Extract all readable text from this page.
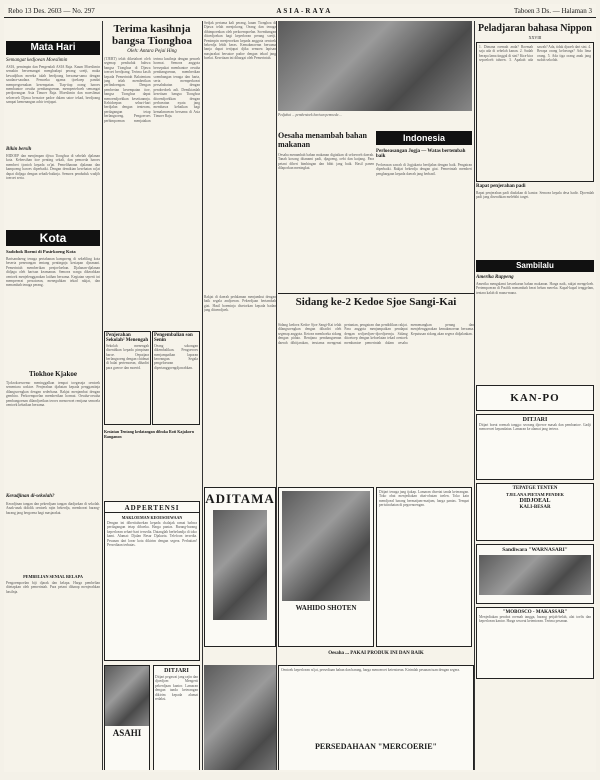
Rebo 13 Des. 2603 — No. 297	ASIA-RAYA	Taboen 3 Ds. — Halaman 3
Mata Hari

Semangat kedjoean Moeslimin

ASIA, pemimpin dan Pengendali ASIA Raja. Kaum Moeslimin semakin bersemangat menghadapi perang soetji, maka kewadjiban mereka ialah berdjoang bersama-sama dengan saudara-saudara. Pemoeka agama tjoekoep pandai mempergoenakan kesempatan. Tiap-tiap orang haroes membantoe oesaha pembangoenan, memperteboeh semangat perdjoeangan Asia Timoer Raja. Moeslimin dan moeslimat seloeroeh Djawa bersatoe padoe dalam satoe tekad, berdjoang sampai kemenangan achir tertjapai.

Bikin bersih

HIDOEP dan menjimpan djiwa Tionghoa di sebelah djalanan kota. Kebersihan itoe penting sekali, dan pemoeda haroes memberi tjontoh kepada ra'jat. Pemeliharaan djalanan dan kampoeng haroes diperbaiki. Dengan demikian kesehatan ra'jat dapat didjaga dengan sebaik-baiknja. Semoea penduduk wadjib toeroet serta.

Kota

Sadobok Boemi di Pasirkoeng Kota

Barisandaeng tenaga pertahanan kampoeng di sekeliling kota beserta penerangan tentang pentingnja kesiapan djasmani. Pemerintah memberikan penjoeloehan. Djalanan-djalanan didjaga oleh barisan keamanan. Semoea warga dikerahkan oentoek menjelenggarakan latihan bersama. Kegiatan seperti ini mempererat persatoean, meneguhkan tekad rakjat, dan menambah tenaga perang.

Tiokhoe Kjakoe

Tjokrokoesoemo meninggalkan tempat toegasnja oentoek sementara waktoe. Penjerahan djabatan kepada penggantinja dilangsoengkan dengan sederhana. Rakjat menjambut dengan gembira. Perkoempoelan memberikan hormat. Oesaha-oesaha pembangoenan dilandjoetkan teroes menoeroet rentjana semoela oentoek kebaikan bersama.

Keradjinan di-sekolah?

Keradjinan tangan dan pekerdjaan tangan diadjarkan di sekolah. Anak-anak dididik oentoek rajin bekerdja, memboeat barang-barang jang bergoena bagi masjarakat.

PEMBELIAN SENIAL RELAPA

Pengoempoelan biji djarak dan kelapa. Harga pembelian ditetapkan oleh pemerintah. Para petani diharap menjerahkan hasilnja.

Terima kasihnja bangsa Tionghoa

Oleh: Antara Pejai Hing

(TJERT) telah diketahoei oleh segenap penduduk bahwa bangsa Tionghoa di Djawa toeroet berdjoang. Terima kasih kepada Pemerintah Balatentara jang telah memberikan perlindoengan. Dengan pemberian kesempatan itoe, bangsa Tionghoa dapat menoendjoekkan kesetiaannja. Kehidoepan sehari-hari berdjalan dengan tenteram, perdagangan tetap berlangsoeng. Pengoeroes perhimpoenan menjatakan terima kasihnja dengan penoeh hormat. Semoea anggota bersepakat membantoe oesaha pembangoenan, memberikan soembangan tenaga dan harta, serta memperkoeat persahabatan dengan pendoedoek asli. Demikianlah kesetiaan bangsa Tionghoa ditoendjoekkan dengan perboeatan nyata jang membawa kebaikan bagi kemakmoeran bersama di Asia Timoer Raja.

Penjerahan Sekolah² Menengah

Sekolah menengah diserahkan kepada pimpinan baroe. Oepatjara berlangsoeng dengan chidmat di balai pertemoean, dihadiri para goeroe dan moerid.

Pengembalian son Senin

Oeang sokongan dikembalikan. Pengoeroes menjampaikan laporan keoeangan. Segala pengeloearan dipertanggoengdjawabkan.

Kesiatan Tentang kedatangan dibuka Roti Kajakorn Ranganon

ADPERTENSI

MAKLOEMAN KEOESOEWAAN

Dengan ini diberitahoekan kepada chalajak ramai bahwa perdagangan tetap diboeka. Harga pantas. Barang-barang keperloean sehari-hari tersedia. Datanglah berbelandja di toko kami. Alamat: Djalan Besar Djakarta. Telefoon tersedia. Pesanan dari loear kota dikirim dengan segera. Perhatian! Persediaan terbatas.

ASAHI

DITJARI

Ditjari pegawai jang rajin dan djoedjoer. Mengerti pekerdjaan kantor. Lamaran dengan tanda keterangan dikirim kepada alamat redaksi.

Sedjak pertama kali perang, kaum Tionghoa di Djawa telah menjokong. Oeang dan tenaga dihimpoenkan oleh perkoempoelan. Soembangan ditoedjoekan bagi keperloean perang soetji. Pemimpin menjeroekan kepada anggota oentoek bekerdja lebih keras. Kemakmoeran bersama hanja dapat tertjapai djika semoea lapisan masjarakat bersatoe padoe dengan tekad jang boelat. Kesetiaan ini dihargai oleh Pemerintah.

Pedjabat ... pembentoek barisan pemoeda ...

Oesaha menambah bahan makanan

Oesaha menambah bahan makanan digiatkan di seloeroeh daerah. Tanah kosong ditanami padi, djagoeng, oebi dan katjang. Para petani diberi bimbingan dan bibit jang baik. Hasil panen dilaporkan meningkat.

Indonesia

Perloeasangan Jogja — Watas bertembah baik

Perloeasan sawah di Jogjakarta berdjalan dengan baik. Pengairan diperbaiki. Rakjat bekerdja dengan giat. Pemerintah memberi penghargaan kepada daerah jang berhasil.

Sidang ke-2 Kedoe Sjoe Sangi-Kai

Sidang kedoea Kedoe Sjoe Sangi-Kai telah dilangsoengkan dengan dihadiri oleh segenap anggota. Ketoea memboeka sidang dengan pidato. Rentjana pembangoenan daerah dibitjarakan, terutama mengenai pertanian, pengairan dan pendidikan rakjat. Para anggota menjampaikan pendapat dengan sedjoedjoer-djoedjoernja. Sidang ditoetoep dengan keboelatan tekad oentoek membantoe pemerintah dalam oesaha memenangkan perang dan menjelenggarakan kemakmoeran bersama. Keputusan sidang akan segera didjalankan.

Rakjat di daerah pedalaman menjambut dengan baik segala andjoeran. Pekerdjaan bertambah giat. Hasil boeminja disetorkan kepada badan jang ditoendjoek.

ADITAMA

WAHIDO SHOTEN

Ditjari tenaga jang tjakap. Lamaran disertai tanda keterangan. Toko obat menjediakan obat-obatan toelen. Toko kain mendjoeal barang bermatjam-matjam, harga pantas. Tempat peristirahatan di pegoenoengan.

Oesaha ... PAKAI PRODUK INI DAN BAIK

Oentoek keperloean ra'jat, persediaan bahan dan barang, harga menoeroet ketentoean. Kirimlah pesanan tuan dengan segera.

PERSEDAHAAN "MERCOERIE"

Peladjaran bahasa Nippon

XXVIII

1. Dimana roemah anda? Roemah saja ada di sebelah kanan. 2. Sudah berapa lama tinggal di sini? Kira-kira sepoeloeh tahoen. 3. Apakah ada sawah? Ada, tidak djaoeh dari sini. 4. Berapa orang keloearga? Ada lima orang. 5. Ada tiga orang anak jang sudah sekolah.

Rapat penjerahan padi

Rapat penjerahan padi diadakan di kantor. Semoea kepala desa hadir. Djoemlah padi jang diserahkan melebihi target.

Sambilalu

Amerika Ruppeng

Amerika mengalami kesoekaran bahan makanan. Harga naik, rakjat mengeloeh. Pertempoeran di Pasifik menambah berat beban mereka. Kapal-kapal tenggelam, tentara kalah di mana-mana.

KAN-PO

DITJARI

Ditjari boeat roemah tangga: seorang djoeroe masak dan pembantoe. Gadji menoeroet kepandaian. Lamaran ke alamat jang tertera.

TEPATGE TENTEN

TJELANA PIETAM PENDEK

DIDJOEAL

KALI-BESAR

Sandiwara "WARNASARI"

"MOBOSCO - MAKASSAR"

Menjediakan perabot roemah tangga, barang petjah-belah, alat toelis dan keperloean kantor. Harga sesoeai ketentoean. Terima pesanan.
